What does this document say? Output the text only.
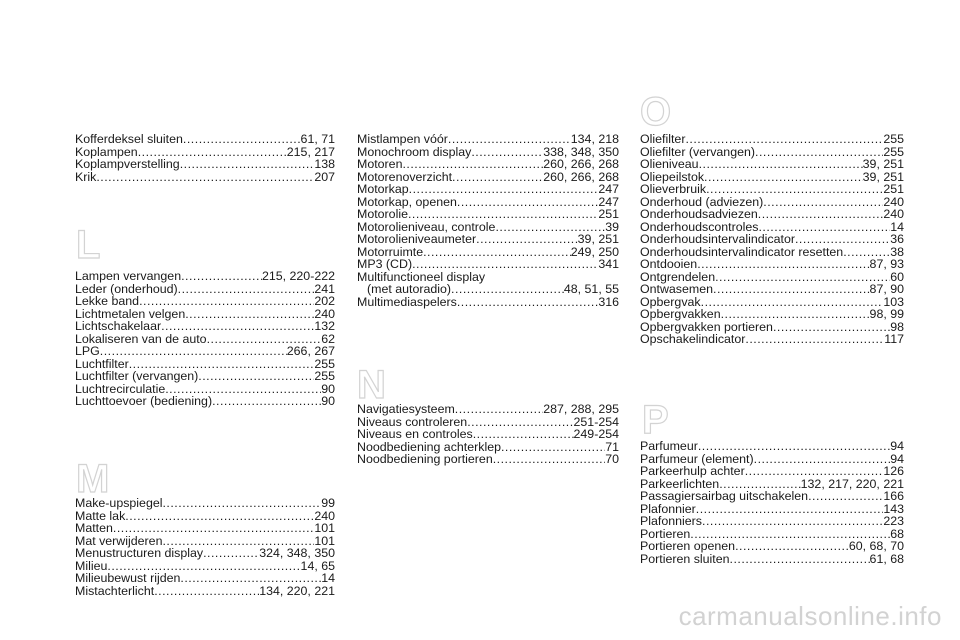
Kofferdeksel sluiten .....	61, 71
Koplampen .....	215, 217
Koplampverstelling .....	138
Krik .....	207
L
Lampen vervangen .....	215, 220-222
Leder (onderhoud) .....	241
Lekke band .....	202
Lichtmetalen velgen .....	240
Lichtschakelaar .....	132
Lokaliseren van de auto .....	62
LPG .....	266, 267
Luchtfilter .....	255
Luchtfilter (vervangen) .....	255
Luchtrecirculatie .....	90
Luchttoevoer (bediening) .....	90
M
Make-upspiegel .....	99
Matte lak .....	240
Matten .....	101
Mat verwijderen .....	101
Menustructuren display .....	324, 348, 350
Milieu .....	14, 65
Milieubewust rijden .....	14
Mistachterlicht .....	134, 220, 221
Mistlampen vóór .....	134, 218
Monochroom display .....	338, 348, 350
Motoren .....	260, 266, 268
Motorenoverzicht .....	260, 266, 268
Motorkap .....	247
Motorkap, openen .....	247
Motorolie .....	251
Motorolieniveau, controle .....	39
Motorolieniveaumeter .....	39, 251
Motorruimte .....	249, 250
MP3 (CD) .....	341
Multifunctioneel display
(met autoradio) .....	48, 51, 55
Multimediaspelers .....	316
N
Navigatiesysteem .....	287, 288, 295
Niveaus controleren .....	251-254
Niveaus en controles .....	249-254
Noodbediening achterklep .....	71
Noodbediening portieren .....	70
O
Oliefilter .....	255
Oliefilter (vervangen) .....	255
Olieniveau .....	39, 251
Oliepeilstok .....	39, 251
Olieverbruik .....	251
Onderhoud (adviezen) .....	240
Onderhoudsadviezen .....	240
Onderhoudscontroles .....	14
Onderhoudsintervalindicator .....	36
Onderhoudsintervalindicator resetten .....	38
Ontdooien .....	87, 93
Ontgrendelen .....	60
Ontwasemen .....	87, 90
Opbergvak .....	103
Opbergvakken .....	98, 99
Opbergvakken portieren .....	98
Opschakelindicator .....	117
P
Parfumeur .....	94
Parfumeur (element) .....	94
Parkeerhulp achter .....	126
Parkeerlichten .....	132, 217, 220, 221
Passagiersairbag uitschakelen .....	166
Plafonnier .....	143
Plafonniers .....	223
Portieren .....	68
Portieren openen .....	60, 68, 70
Portieren sluiten .....	61, 68
carmanualsonline.info
